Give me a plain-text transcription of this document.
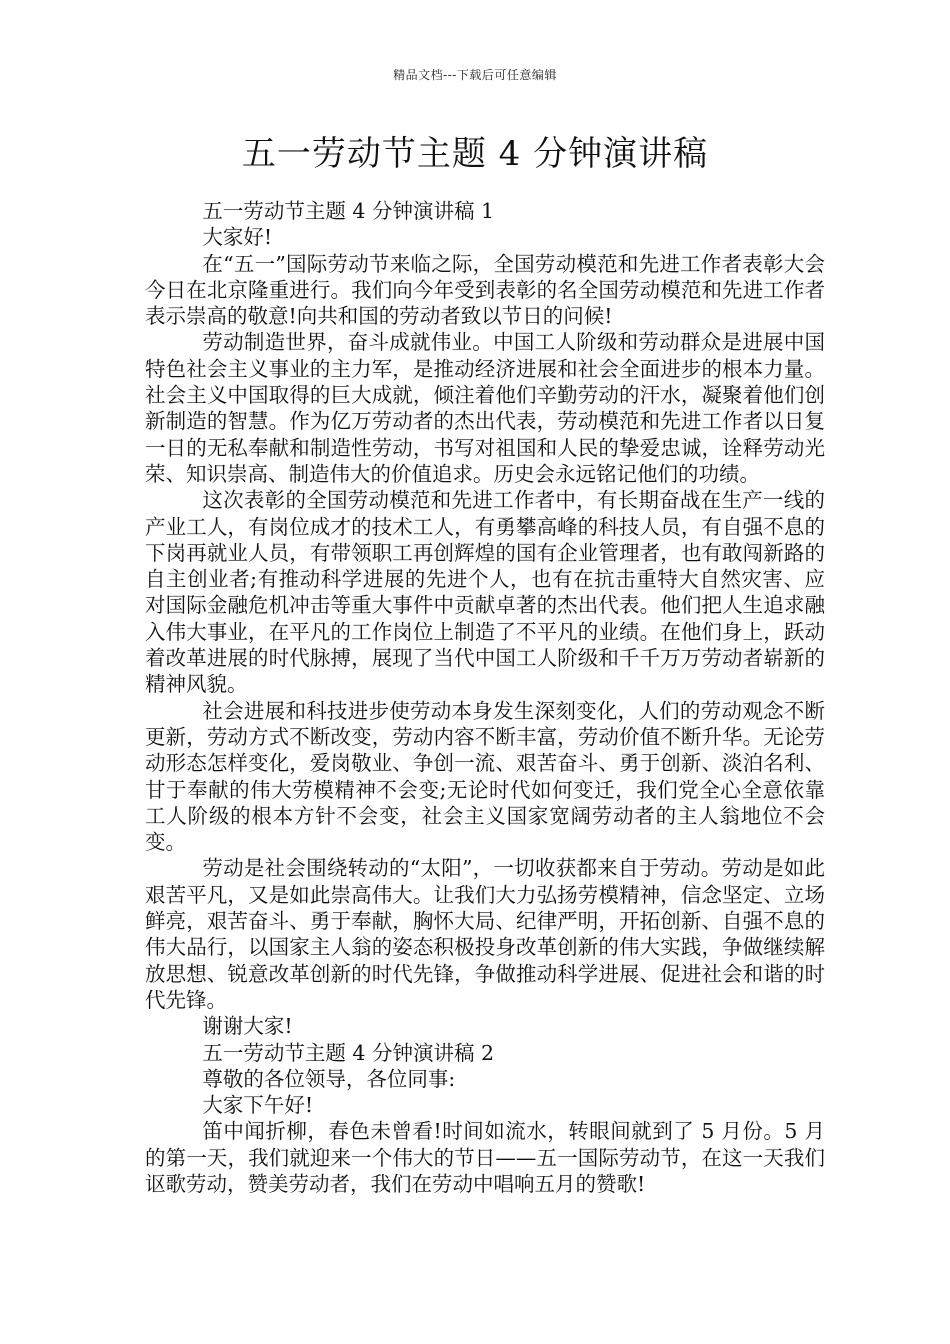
精品文档---下载后可任意编辑
五一劳动节主题 4 分钟演讲稿

五一劳动节主题 4 分钟演讲稿 1

大家好!

在“五一”国际劳动节来临之际，全国劳动模范和先进工作者表彰大会今日在北京隆重进行。我们向今年受到表彰的名全国劳动模范和先进工作者表示崇高的敬意!向共和国的劳动者致以节日的问候!

劳动制造世界，奋斗成就伟业。中国工人阶级和劳动群众是进展中国特色社会主义事业的主力军，是推动经济进展和社会全面进步的根本力量。社会主义中国取得的巨大成就，倾注着他们辛勤劳动的汗水，凝聚着他们创新制造的智慧。作为亿万劳动者的杰出代表，劳动模范和先进工作者以日复一日的无私奉献和制造性劳动，书写对祖国和人民的挚爱忠诚，诠释劳动光荣、知识崇高、制造伟大的价值追求。历史会永远铭记他们的功绩。

这次表彰的全国劳动模范和先进工作者中，有长期奋战在生产一线的产业工人，有岗位成才的技术工人，有勇攀高峰的科技人员，有自强不息的下岗再就业人员，有带领职工再创辉煌的国有企业管理者，也有敢闯新路的自主创业者;有推动科学进展的先进个人，也有在抗击重特大自然灾害、应对国际金融危机冲击等重大事件中贡献卓著的杰出代表。他们把人生追求融入伟大事业，在平凡的工作岗位上制造了不平凡的业绩。在他们身上，跃动着改革进展的时代脉搏，展现了当代中国工人阶级和千千万万劳动者崭新的精神风貌。

社会进展和科技进步使劳动本身发生深刻变化，人们的劳动观念不断更新，劳动方式不断改变，劳动内容不断丰富，劳动价值不断升华。无论劳动形态怎样变化，爱岗敬业、争创一流、艰苦奋斗、勇于创新、淡泊名利、甘于奉献的伟大劳模精神不会变;无论时代如何变迁，我们党全心全意依靠工人阶级的根本方针不会变，社会主义国家宽阔劳动者的主人翁地位不会变。

劳动是社会围绕转动的“太阳”，一切收获都来自于劳动。劳动是如此艰苦平凡，又是如此崇高伟大。让我们大力弘扬劳模精神，信念坚定、立场鲜亮，艰苦奋斗、勇于奉献，胸怀大局、纪律严明，开拓创新、自强不息的伟大品行，以国家主人翁的姿态积极投身改革创新的伟大实践，争做继续解放思想、锐意改革创新的时代先锋，争做推动科学进展、促进社会和谐的时代先锋。

谢谢大家!

五一劳动节主题 4 分钟演讲稿 2

尊敬的各位领导，各位同事:

大家下午好!

笛中闻折柳，春色未曾看!时间如流水，转眼间就到了 5 月份。5 月的第一天，我们就迎来一个伟大的节日——五一国际劳动节，在这一天我们讴歌劳动，赞美劳动者，我们在劳动中唱响五月的赞歌!
